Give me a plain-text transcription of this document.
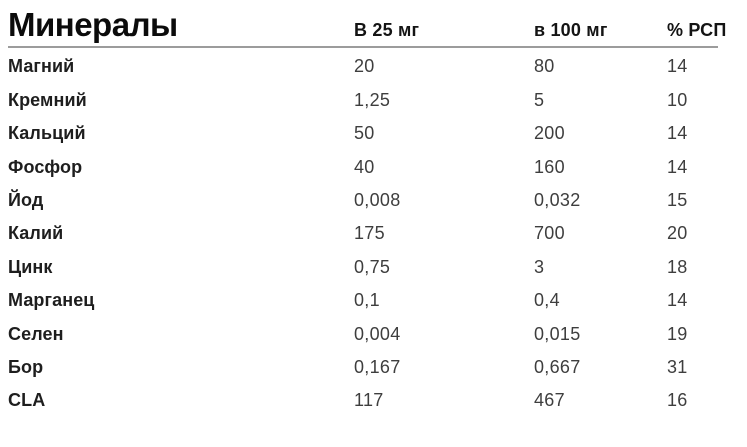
Минералы	В 25 мг	в 100 мг	% РСП
Магний	20	80	14
Кремний	1,25	5	10
Кальций	50	200	14
Фосфор	40	160	14
Йод	0,008	0,032	15
Калий	175	700	20
Цинк	0,75	3	18
Марганец	0,1	0,4	14
Селен	0,004	0,015	19
Бор	0,167	0,667	31
CLA	117	467	16
